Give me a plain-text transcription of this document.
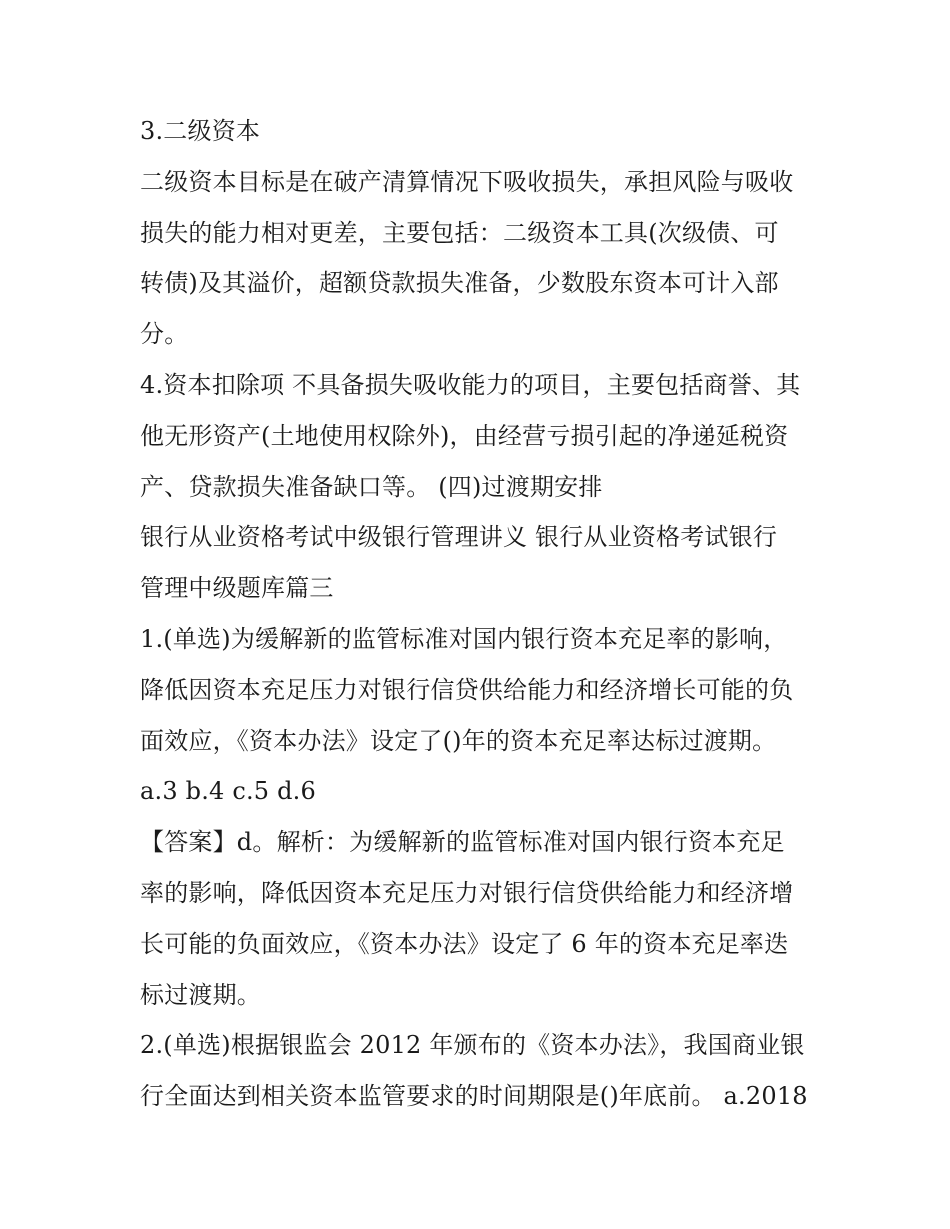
3.二级资本
二级资本目标是在破产清算情况下吸收损失，承担风险与吸收
损失的能力相对更差，主要包括：二级资本工具(次级债、可
转债)及其溢价，超额贷款损失准备，少数股东资本可计入部
分。
4.资本扣除项 不具备损失吸收能力的项目，主要包括商誉、其
他无形资产(土地使用权除外)，由经营亏损引起的净递延税资
产、贷款损失准备缺口等。 (四)过渡期安排
银行从业资格考试中级银行管理讲义 银行从业资格考试银行
管理中级题库篇三
1.(单选)为缓解新的监管标准对国内银行资本充足率的影响，
降低因资本充足压力对银行信贷供给能力和经济增长可能的负
面效应，《资本办法》设定了()年的资本充足率达标过渡期。
a.3 b.4 c.5 d.6
【答案】d。解析：为缓解新的监管标准对国内银行资本充足
率的影响，降低因资本充足压力对银行信贷供给能力和经济增
长可能的负面效应，《资本办法》设定了 6 年的资本充足率迭
标过渡期。
2.(单选)根据银监会 2012 年颁布的《资本办法》，我国商业银
行全面达到相关资本监管要求的时间期限是()年底前。 a.2018
